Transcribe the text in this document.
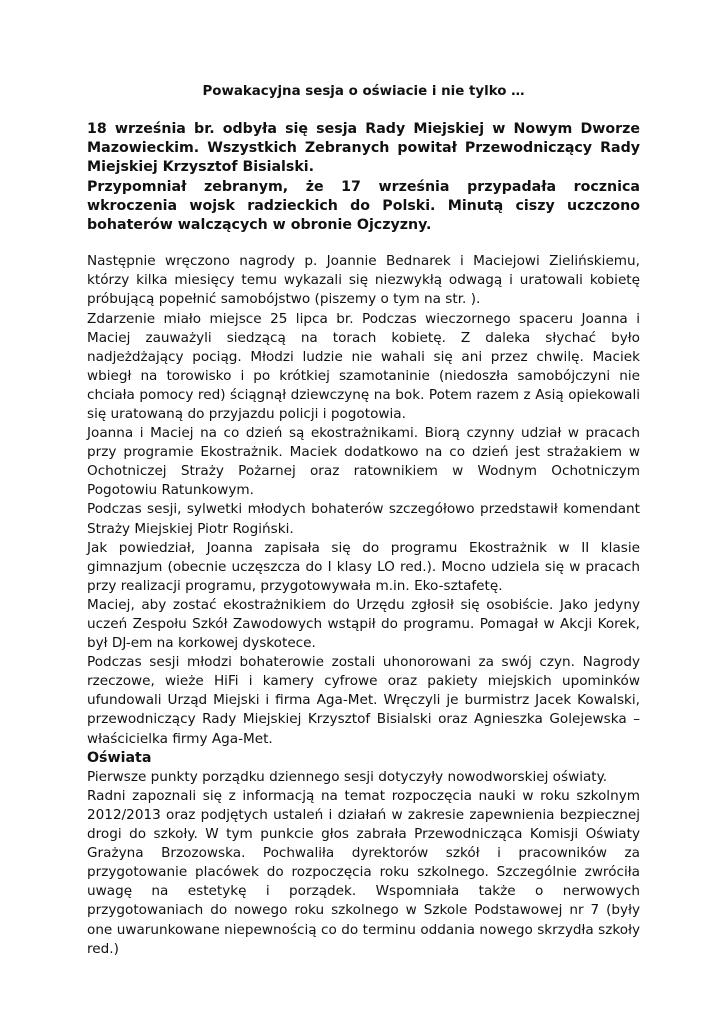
Powakacyjna sesja o oświacie i nie tylko …

18 września br. odbyła się sesja Rady Miejskiej w Nowym Dworze Mazowieckim. Wszystkich Zebranych powitał Przewodniczący Rady Miejskiej Krzysztof Bisialski.

Przypomniał zebranym, że 17 września przypadała rocznica wkroczenia wojsk radzieckich do Polski. Minutą ciszy uczczono bohaterów walczących w obronie Ojczyzny.

Następnie wręczono nagrody p. Joannie Bednarek i Maciejowi Zielińskiemu, którzy kilka miesięcy temu wykazali się niezwykłą odwagą i uratowali kobietę próbującą popełnić samobójstwo (piszemy o tym na str. ).

Zdarzenie miało miejsce 25 lipca br. Podczas wieczornego spaceru Joanna i Maciej zauważyli siedzącą na torach kobietę. Z daleka słychać było nadjeżdżający pociąg. Młodzi ludzie nie wahali się ani przez chwilę. Maciek wbiegł na torowisko i po krótkiej szamotaninie (niedoszła samobójczyni nie chciała pomocy red) ściągnął dziewczynę na bok. Potem razem z Asią opiekowali się uratowaną do przyjazdu policji i pogotowia.

Joanna i Maciej na co dzień są ekostrażnikami. Biorą czynny udział w pracach przy programie Ekostrażnik. Maciek dodatkowo na co dzień jest strażakiem w Ochotniczej Straży Pożarnej oraz ratownikiem w Wodnym Ochotniczym Pogotowiu Ratunkowym.

Podczas sesji, sylwetki młodych bohaterów szczegółowo przedstawił komendant Straży Miejskiej Piotr Rogiński.

Jak powiedział, Joanna zapisała się do programu Ekostrażnik w II klasie gimnazjum (obecnie uczęszcza do I klasy LO red.). Mocno udziela się w pracach przy realizacji programu, przygotowywała m.in. Eko-sztafetę.

Maciej, aby zostać ekostrażnikiem do Urzędu zgłosił się osobiście. Jako jedyny uczeń Zespołu Szkół Zawodowych wstąpił do programu. Pomagał w Akcji Korek, był DJ-em na korkowej dyskotece.

Podczas sesji młodzi bohaterowie zostali uhonorowani za swój czyn. Nagrody rzeczowe, wieże HiFi i kamery cyfrowe oraz pakiety miejskich upominków ufundowali Urząd Miejski i firma Aga-Met. Wręczyli je burmistrz Jacek Kowalski, przewodniczący Rady Miejskiej Krzysztof Bisialski oraz Agnieszka Golejewska – właścicielka firmy Aga-Met.

Oświata

Pierwsze punkty porządku dziennego sesji dotyczyły nowodworskiej oświaty.

Radni zapoznali się z informacją na temat rozpoczęcia nauki w roku szkolnym 2012/2013 oraz podjętych ustaleń i działań w zakresie zapewnienia bezpiecznej drogi do szkoły. W tym punkcie głos zabrała Przewodnicząca Komisji Oświaty Grażyna Brzozowska. Pochwaliła dyrektorów szkół i pracowników za przygotowanie placówek do rozpoczęcia roku szkolnego. Szczególnie zwróciła uwagę na estetykę i porządek. Wspomniała także o nerwowych przygotowaniach do nowego roku szkolnego w Szkole Podstawowej nr 7 (były one uwarunkowane niepewnością co do terminu oddania nowego skrzydła szkoły red.)
